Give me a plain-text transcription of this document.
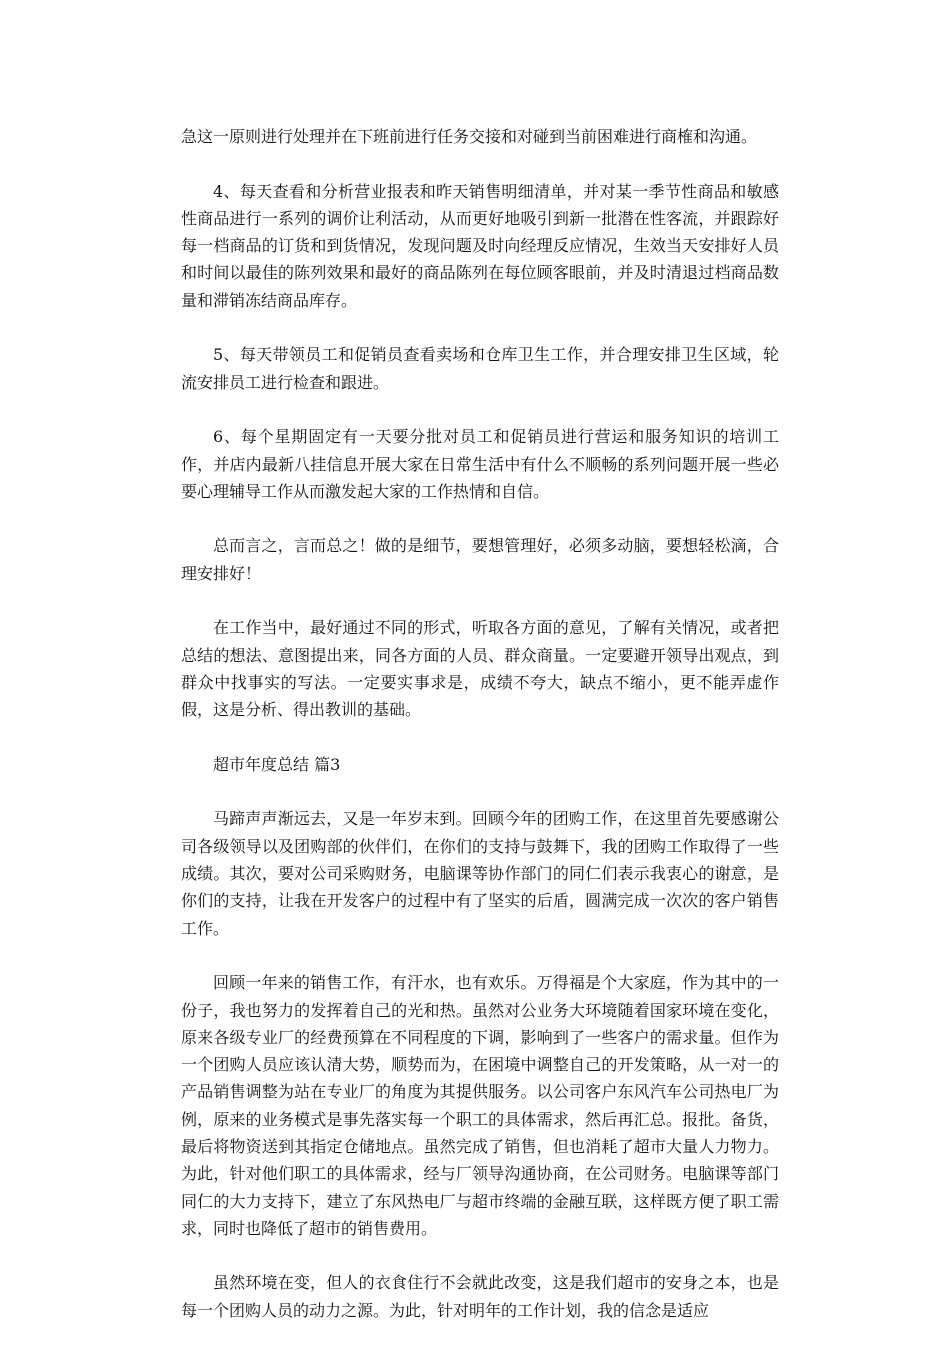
急这一原则进行处理并在下班前进行任务交接和对碰到当前困难进行商榷和沟通。

4、每天查看和分析营业报表和昨天销售明细清单，并对某一季节性商品和敏感性商品进行一系列的调价让利活动，从而更好地吸引到新一批潜在性客流，并跟踪好每一档商品的订货和到货情况，发现问题及时向经理反应情况，生效当天安排好人员和时间以最佳的陈列效果和最好的商品陈列在每位顾客眼前，并及时清退过档商品数量和滞销冻结商品库存。

5、每天带领员工和促销员查看卖场和仓库卫生工作，并合理安排卫生区域，轮流安排员工进行检查和跟进。

6、每个星期固定有一天要分批对员工和促销员进行营运和服务知识的培训工作，并店内最新八挂信息开展大家在日常生活中有什么不顺畅的系列问题开展一些必要心理辅导工作从而激发起大家的工作热情和自信。

总而言之，言而总之！做的是细节，要想管理好，必须多动脑，要想轻松滴，合理安排好！

在工作当中，最好通过不同的形式，听取各方面的意见，了解有关情况，或者把总结的想法、意图提出来，同各方面的人员、群众商量。一定要避开领导出观点，到群众中找事实的写法。一定要实事求是，成绩不夸大，缺点不缩小，更不能弄虚作假，这是分析、得出教训的基础。

超市年度总结 篇3

马蹄声声渐远去，又是一年岁末到。回顾今年的团购工作，在这里首先要感谢公司各级领导以及团购部的伙伴们，在你们的支持与鼓舞下，我的团购工作取得了一些成绩。其次，要对公司采购财务，电脑课等协作部门的同仁们表示我衷心的谢意，是你们的支持，让我在开发客户的过程中有了坚实的后盾，圆满完成一次次的客户销售工作。

回顾一年来的销售工作，有汗水，也有欢乐。万得福是个大家庭，作为其中的一份子，我也努力的发挥着自己的光和热。虽然对公业务大环境随着国家环境在变化，原来各级专业厂的经费预算在不同程度的下调，影响到了一些客户的需求量。但作为一个团购人员应该认清大势，顺势而为，在困境中调整自己的开发策略，从一对一的产品销售调整为站在专业厂的角度为其提供服务。以公司客户东风汽车公司热电厂为例，原来的业务模式是事先落实每一个职工的具体需求，然后再汇总。报批。备货，最后将物资送到其指定仓储地点。虽然完成了销售，但也消耗了超市大量人力物力。为此，针对他们职工的具体需求，经与厂领导沟通协商，在公司财务。电脑课等部门同仁的大力支持下，建立了东风热电厂与超市终端的金融互联，这样既方便了职工需求，同时也降低了超市的销售费用。

虽然环境在变，但人的衣食住行不会就此改变，这是我们超市的安身之本，也是每一个团购人员的动力之源。为此，针对明年的工作计划，我的信念是适应
